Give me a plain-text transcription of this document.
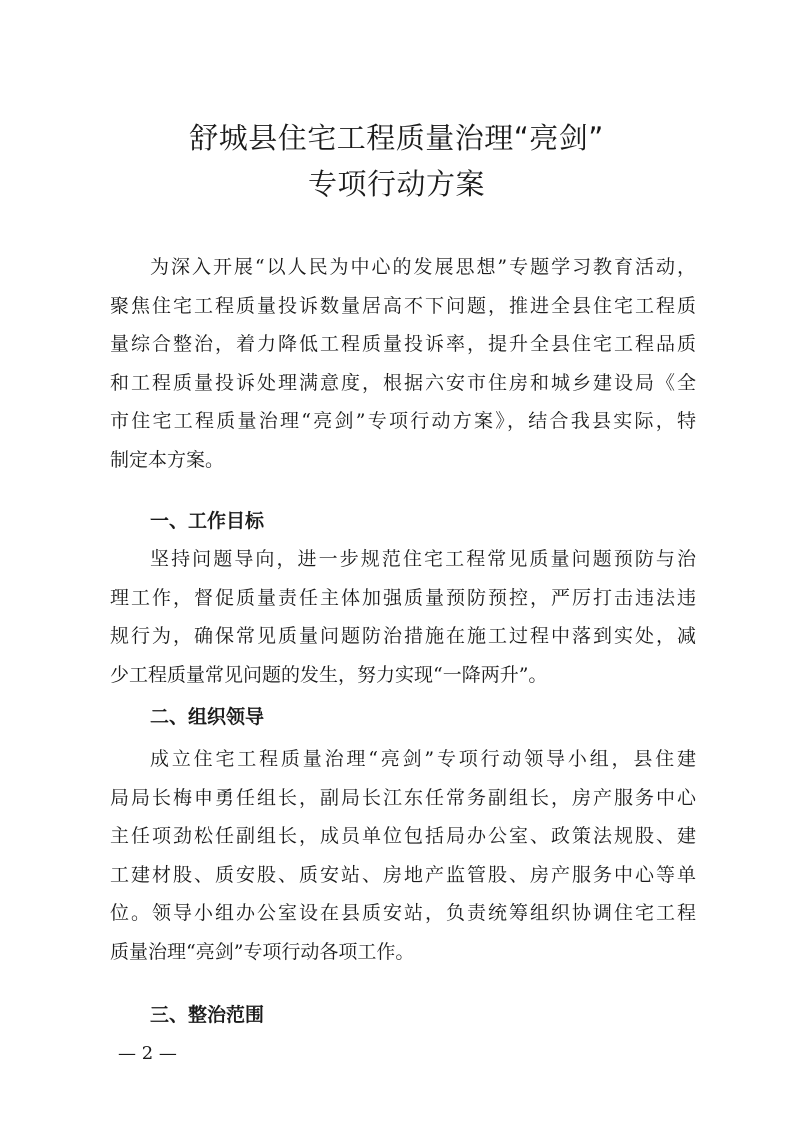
舒城县住宅工程质量治理“亮剑”
专项行动方案
为深入开展“以人民为中心的发展思想”专题学习教育活动，
聚焦住宅工程质量投诉数量居高不下问题，推进全县住宅工程质
量综合整治，着力降低工程质量投诉率，提升全县住宅工程品质
和工程质量投诉处理满意度，根据六安市住房和城乡建设局《全
市住宅工程质量治理“亮剑”专项行动方案》，结合我县实际，特
制定本方案。
一、工作目标
坚持问题导向，进一步规范住宅工程常见质量问题预防与治
理工作，督促质量责任主体加强质量预防预控，严厉打击违法违
规行为，确保常见质量问题防治措施在施工过程中落到实处，减
少工程质量常见问题的发生，努力实现“一降两升”。
二、组织领导
成立住宅工程质量治理“亮剑”专项行动领导小组，县住建
局局长梅申勇任组长，副局长江东任常务副组长，房产服务中心
主任项劲松任副组长，成员单位包括局办公室、政策法规股、建
工建材股、质安股、质安站、房地产监管股、房产服务中心等单
位。领导小组办公室设在县质安站，负责统筹组织协调住宅工程
质量治理“亮剑”专项行动各项工作。
三、整治范围
— 2 —
